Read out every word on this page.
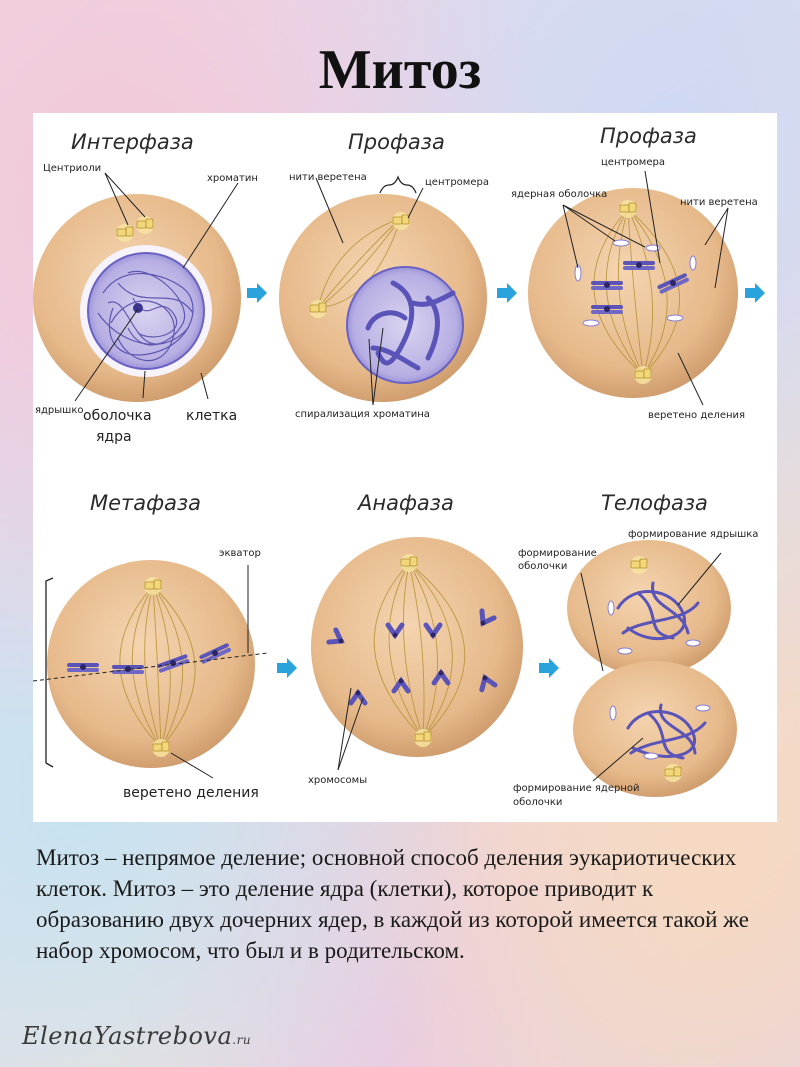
Митоз
Интерфаза	Профаза	Профаза
Центриоли
хроматин
ядрышко оболочка
ядра
клетка
нити веретена	центромера
спирализация хроматина
центромера
ядерная оболочка
нити веретена
веретено деления
Метафаза	Анафаза	Телофаза
экватор
веретено деления
хромосомы
формирование
оболочки
формирование ядрышка
формирование ядерной
оболочки
Митоз – непрямое деление; основной способ деления эукариотических клеток. Митоз – это деление ядра (клетки), которое приводит к образованию двух дочерних ядер, в каждой из которой имеется такой же набор хромосом, что был и в родительском.
ElenaYastrebova.ru
